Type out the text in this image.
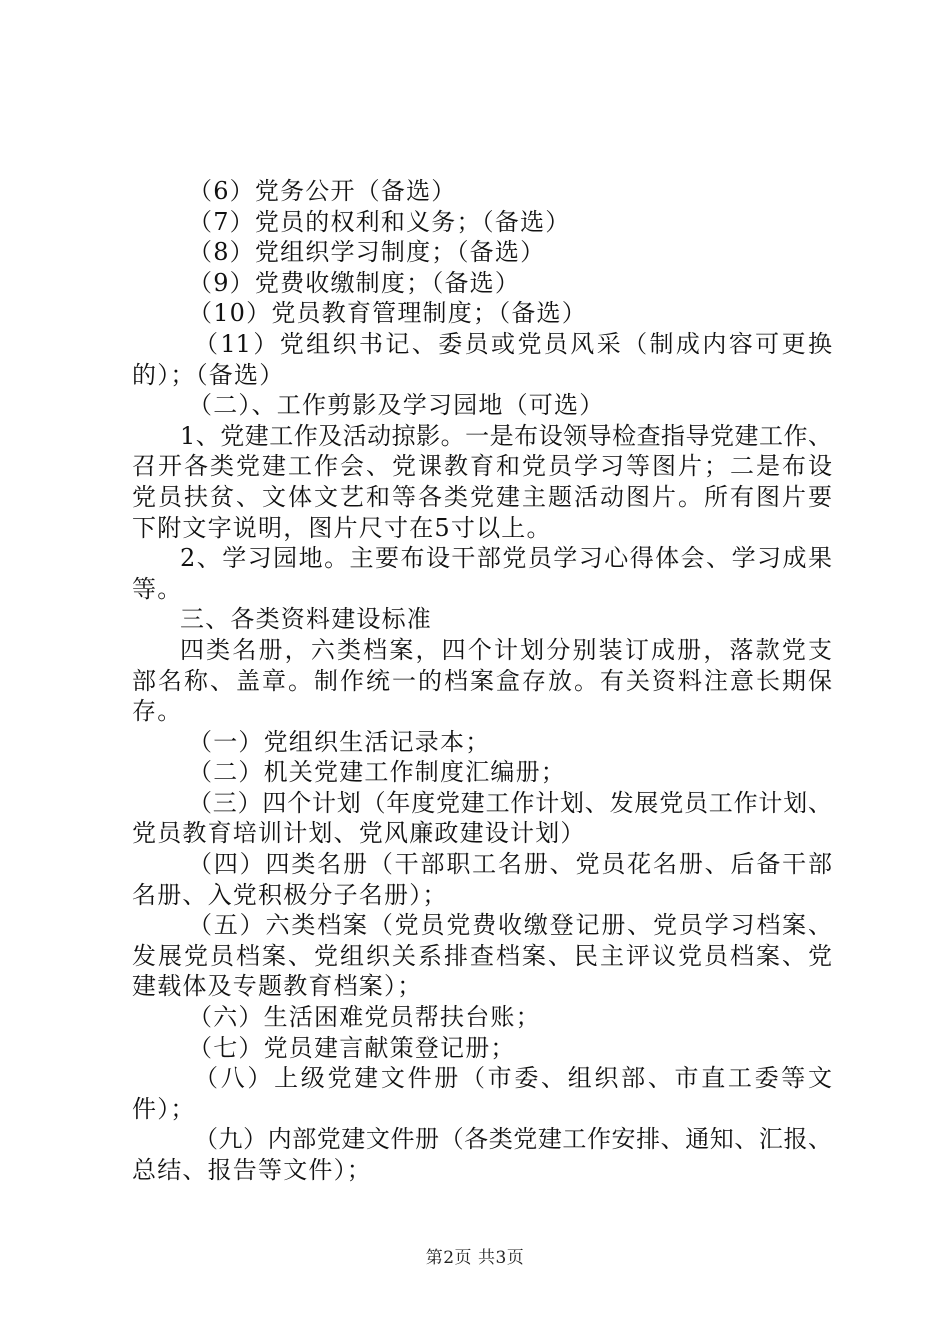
（6）党务公开（备选）
（7）党员的权利和义务；（备选）
（8）党组织学习制度；（备选）
（9）党费收缴制度；（备选）
（10）党员教育管理制度；（备选）
（11）党组织书记、委员或党员风采（制成内容可更换
的）；（备选）
（二）、工作剪影及学习园地（可选）
1、党建工作及活动掠影。一是布设领导检查指导党建工作、
召开各类党建工作会、党课教育和党员学习等图片；二是布设
党员扶贫、文体文艺和等各类党建主题活动图片。所有图片要
下附文字说明，图片尺寸在5寸以上。
2、学习园地。主要布设干部党员学习心得体会、学习成果
等。
三、各类资料建设标准
四类名册，六类档案，四个计划分别装订成册，落款党支
部名称、盖章。制作统一的档案盒存放。有关资料注意长期保
存。
（一）党组织生活记录本；
（二）机关党建工作制度汇编册；
（三）四个计划（年度党建工作计划、发展党员工作计划、
党员教育培训计划、党风廉政建设计划）
（四）四类名册（干部职工名册、党员花名册、后备干部
名册、入党积极分子名册）；
（五）六类档案（党员党费收缴登记册、党员学习档案、
发展党员档案、党组织关系排查档案、民主评议党员档案、党
建载体及专题教育档案）；
（六）生活困难党员帮扶台账；
（七）党员建言献策登记册；
（八）上级党建文件册（市委、组织部、市直工委等文
件）；
（九）内部党建文件册（各类党建工作安排、通知、汇报、
总结、报告等文件）；
第2页 共3页
